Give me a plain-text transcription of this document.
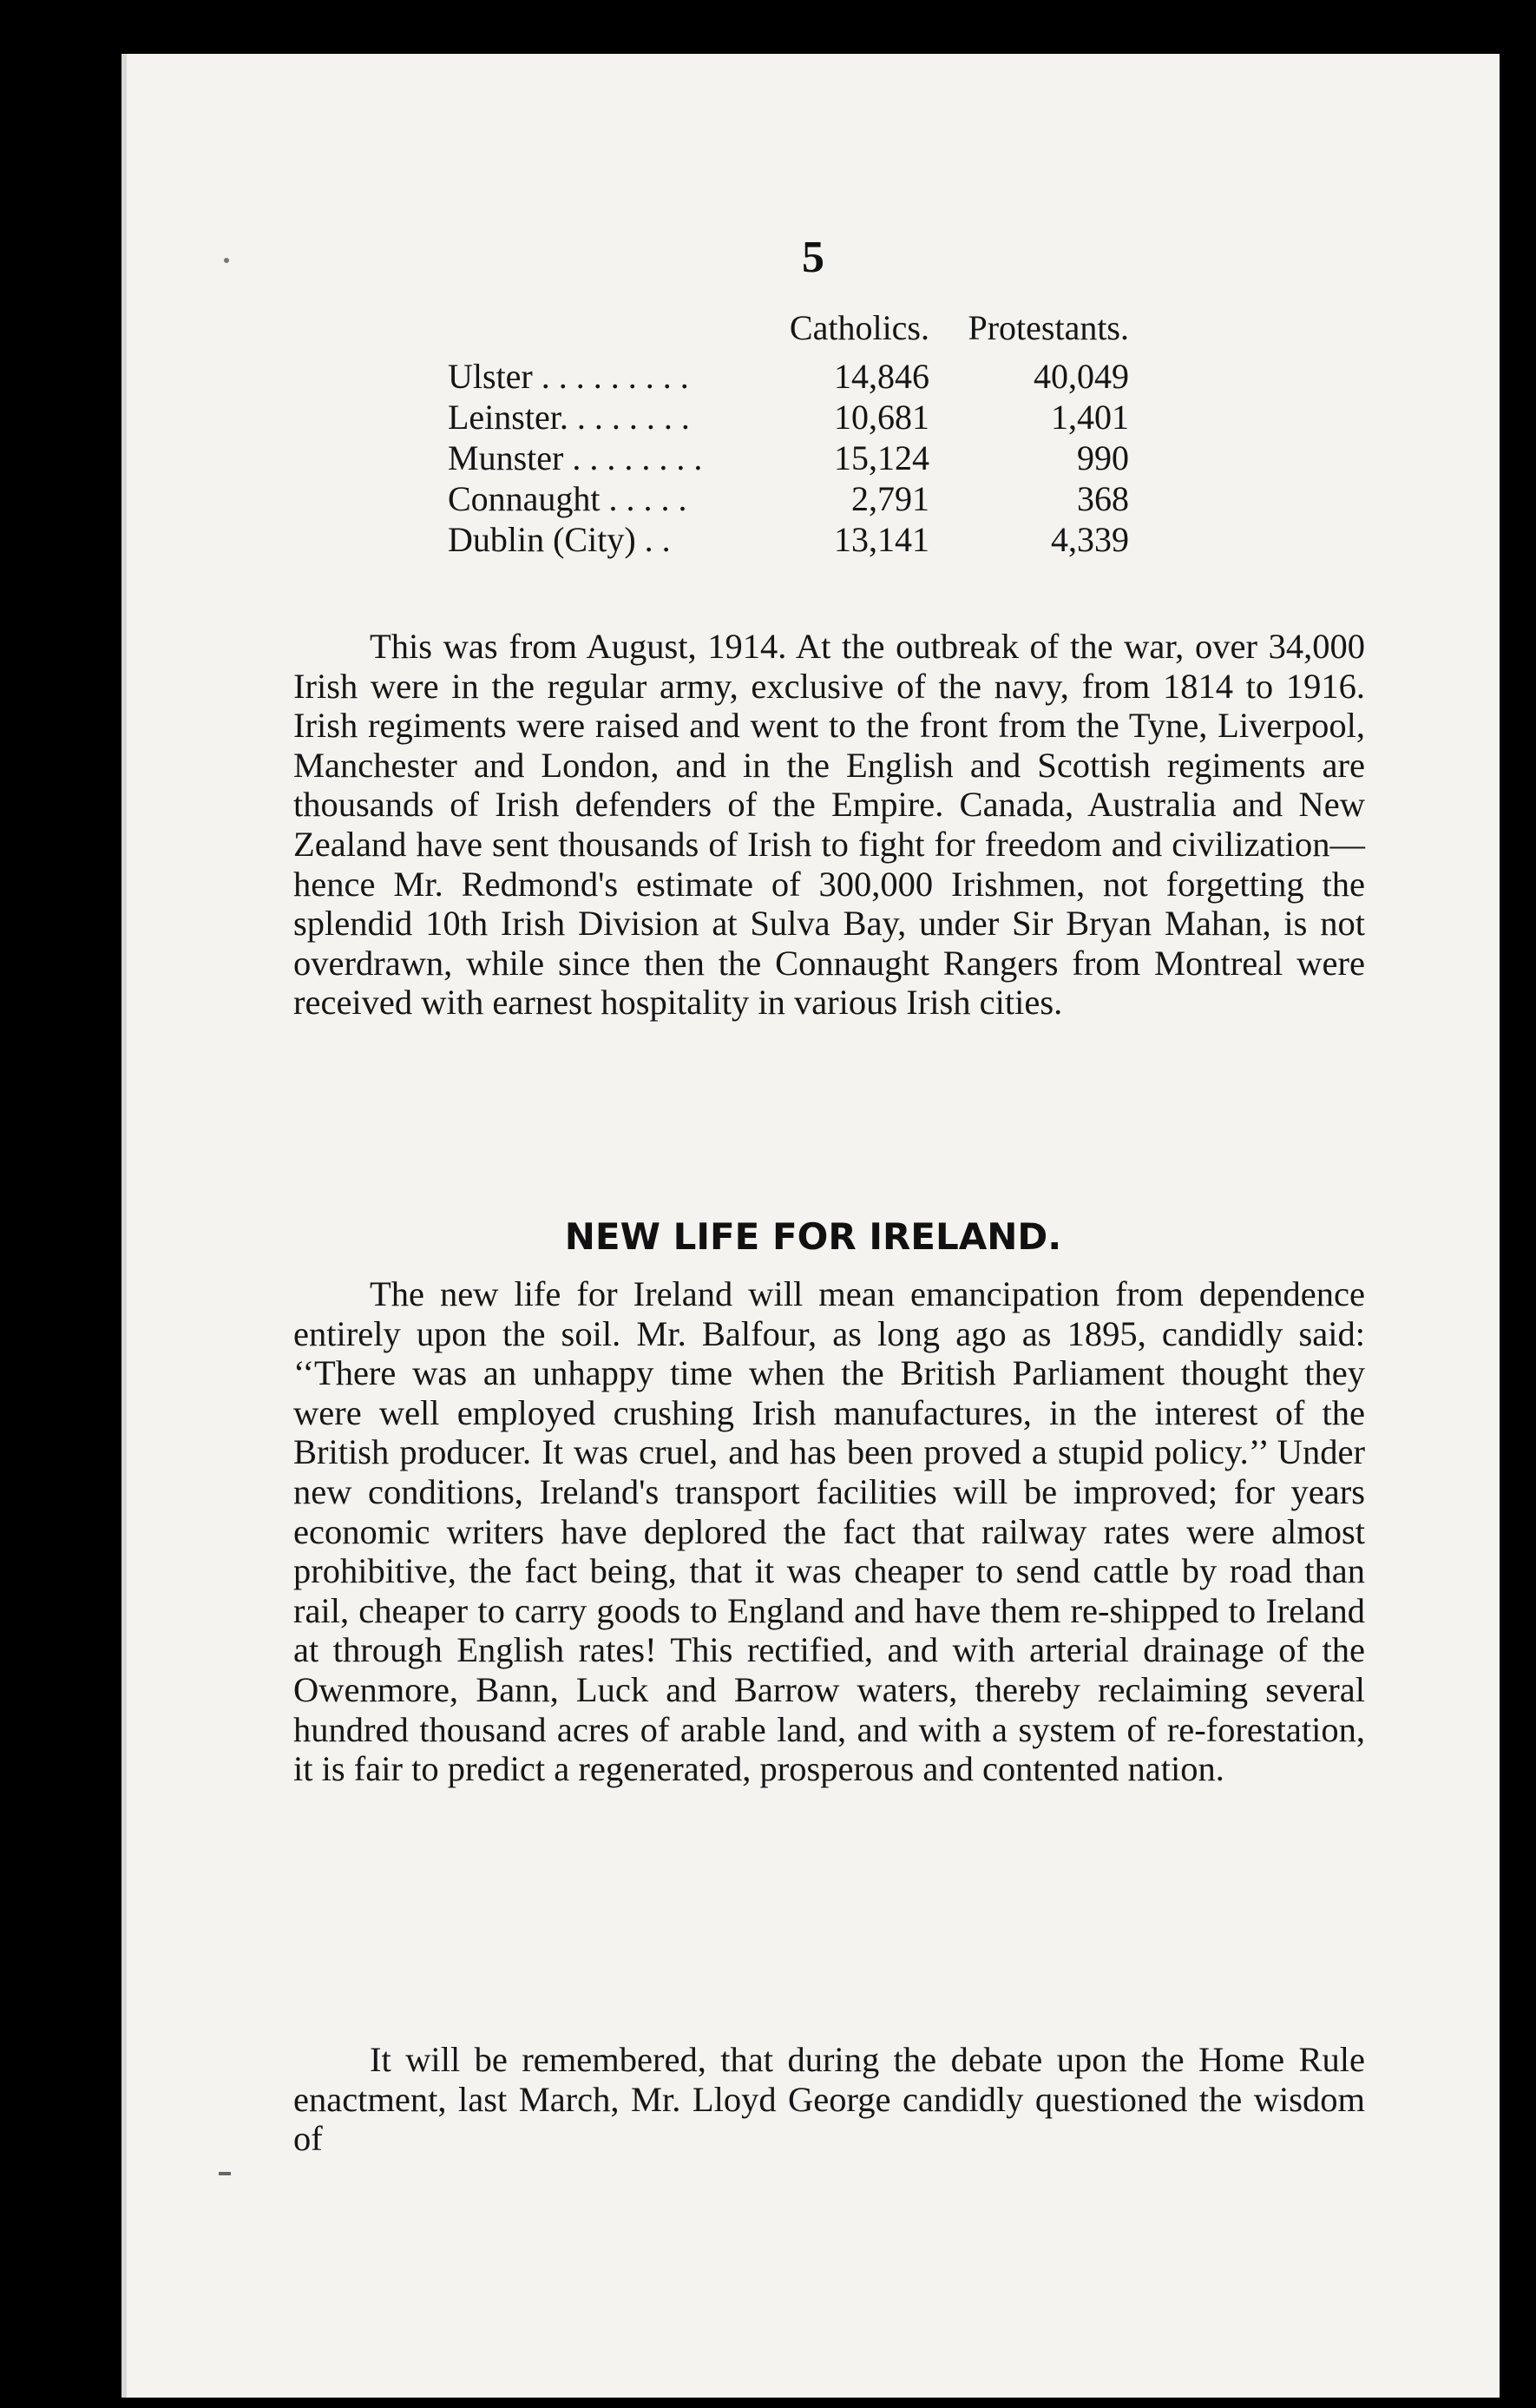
5
	Catholics.	Protestants.
Ulster . . . . . . . . .	14,846	40,049
Leinster. . . . . . . .	10,681	1,401
Munster . . . . . . . .	15,124	990
Connaught . . . . .	2,791	368
Dublin (City) . .	13,141	4,339

This was from August, 1914. At the outbreak of the war, over 34,000 Irish were in the regular army, exclusive of the navy, from 1814 to 1916. Irish regiments were raised and went to the front from the Tyne, Liverpool, Manchester and London, and in the English and Scottish regiments are thousands of Irish defenders of the Empire. Canada, Australia and New Zealand have sent thousands of Irish to fight for freedom and civilization—hence Mr. Redmond's estimate of 300,000 Irishmen, not forgetting the splendid 10th Irish Division at Sulva Bay, under Sir Bryan Mahan, is not overdrawn, while since then the Connaught Rangers from Montreal were received with earnest hospitality in various Irish cities.

NEW LIFE FOR IRELAND.

The new life for Ireland will mean emancipation from dependence entirely upon the soil. Mr. Balfour, as long ago as 1895, candidly said: ‘‘There was an unhappy time when the British Parliament thought they were well employed crushing Irish manufactures, in the interest of the British producer. It was cruel, and has been proved a stupid policy.’’ Under new conditions, Ireland's transport facilities will be improved; for years economic writers have deplored the fact that railway rates were almost prohibitive, the fact being, that it was cheaper to send cattle by road than rail, cheaper to carry goods to England and have them re-shipped to Ireland at through English rates! This rectified, and with arterial drainage of the Owenmore, Bann, Luck and Barrow waters, thereby reclaiming several hundred thousand acres of arable land, and with a system of re-forestation, it is fair to predict a regenerated, prosperous and contented nation.

It will be remembered, that during the debate upon the Home Rule enactment, last March, Mr. Lloyd George candidly questioned the wisdom of
